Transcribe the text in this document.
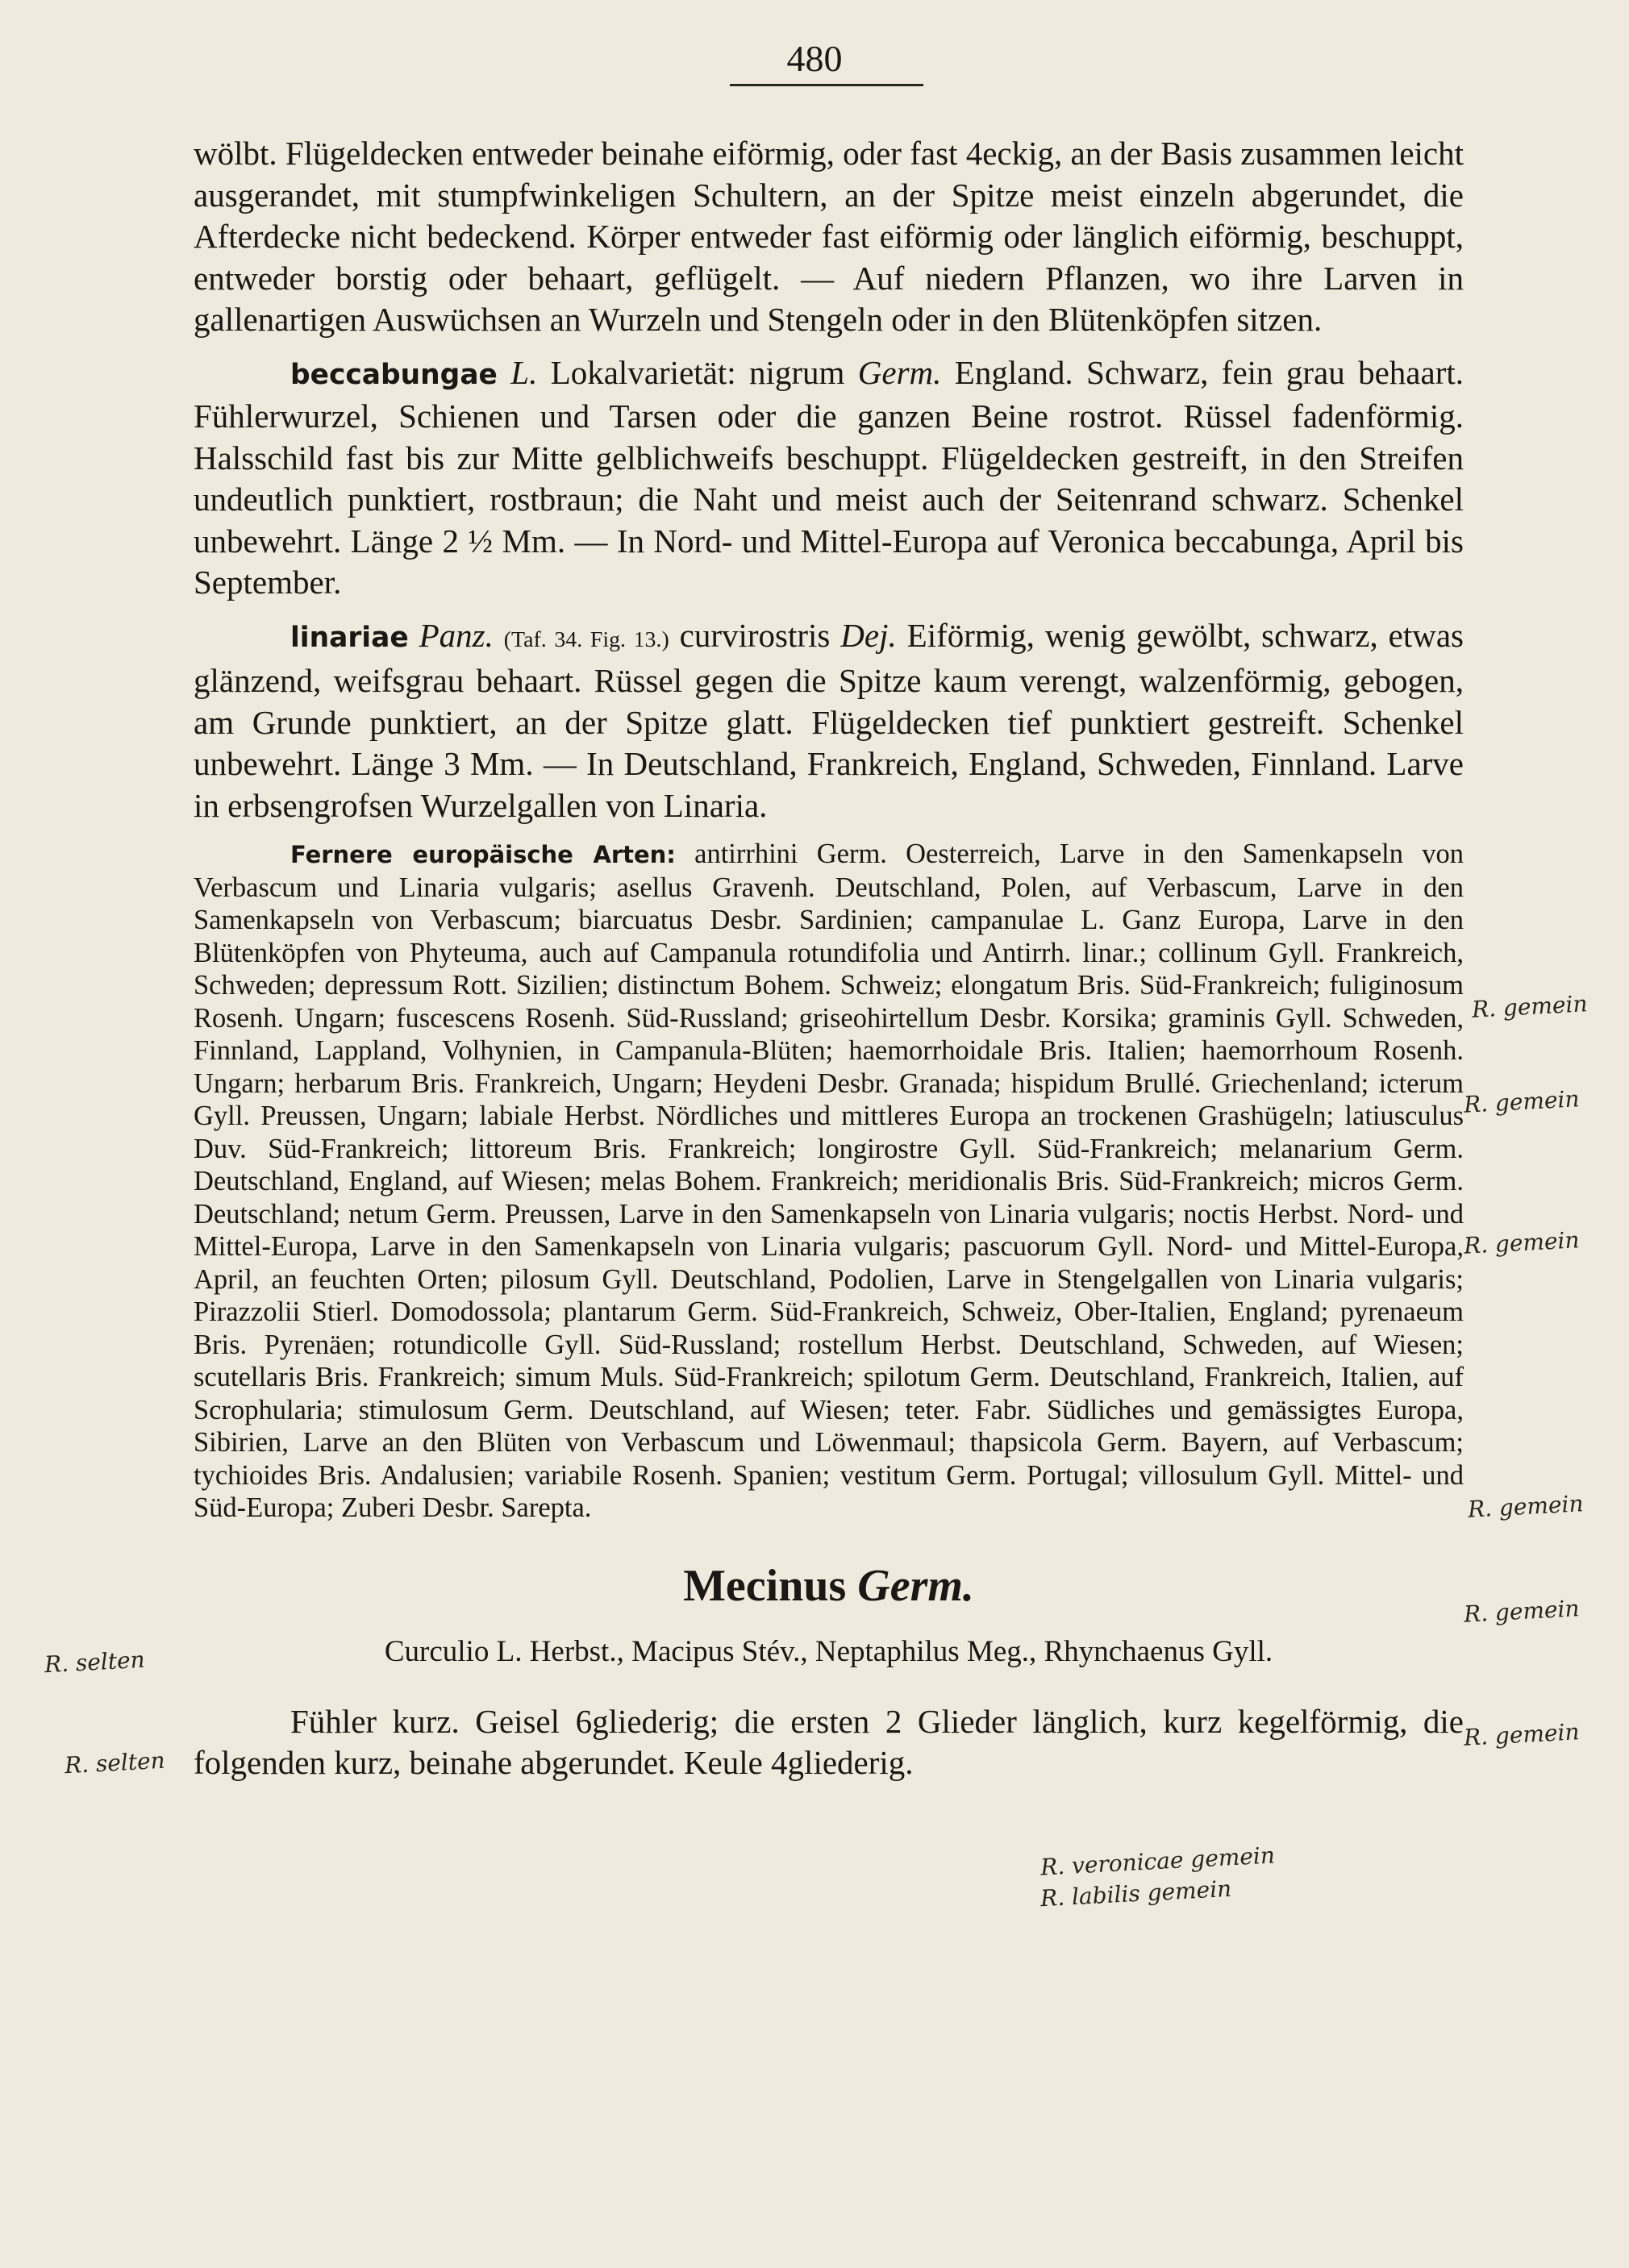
480

wölbt. Flügeldecken entweder beinahe eiförmig, oder fast 4eckig, an der Basis zusammen leicht ausgerandet, mit stumpfwinkeligen Schultern, an der Spitze meist einzeln abgerundet, die Afterdecke nicht bedeckend. Körper entweder fast eiförmig oder länglich eiförmig, beschuppt, entweder borstig oder behaart, geflügelt. — Auf niedern Pflanzen, wo ihre Larven in gallenartigen Auswüchsen an Wurzeln und Stengeln oder in den Blütenköpfen sitzen.

beccabungae L. Lokalvarietät: nigrum Germ. England. Schwarz, fein grau behaart. Fühlerwurzel, Schienen und Tarsen oder die ganzen Beine rostrot. Rüssel fadenförmig. Halsschild fast bis zur Mitte gelblichweifs beschuppt. Flügeldecken gestreift, in den Streifen undeutlich punktiert, rostbraun; die Naht und meist auch der Seitenrand schwarz. Schenkel unbewehrt. Länge 2 ½ Mm. — In Nord- und Mittel-Europa auf Veronica beccabunga, April bis September.

linariae Panz. (Taf. 34. Fig. 13.) curvirostris Dej. Eiförmig, wenig gewölbt, schwarz, etwas glänzend, weifsgrau behaart. Rüssel gegen die Spitze kaum verengt, walzenförmig, gebogen, am Grunde punktiert, an der Spitze glatt. Flügeldecken tief punktiert gestreift. Schenkel unbewehrt. Länge 3 Mm. — In Deutschland, Frankreich, England, Schweden, Finnland. Larve in erbsengrofsen Wurzelgallen von Linaria.

Fernere europäische Arten: antirrhini Germ. Oesterreich, Larve in den Samenkapseln von Verbascum und Linaria vulgaris; asellus Gravenh. Deutschland, Polen, auf Verbascum, Larve in den Samenkapseln von Verbascum; biarcuatus Desbr. Sardinien; campanulae L. Ganz Europa, Larve in den Blütenköpfen von Phyteuma, auch auf Campanula rotundifolia und Antirrh. linar.; collinum Gyll. Frankreich, Schweden; depressum Rott. Sizilien; distinctum Bohem. Schweiz; elongatum Bris. Süd-Frankreich; fuliginosum Rosenh. Ungarn; fuscescens Rosenh. Süd-Russland; griseohirtellum Desbr. Korsika; graminis Gyll. Schweden, Finnland, Lappland, Volhynien, in Campanula-Blüten; haemorrhoidale Bris. Italien; haemorrhoum Rosenh. Ungarn; herbarum Bris. Frankreich, Ungarn; Heydeni Desbr. Granada; hispidum Brullé. Griechenland; icterum Gyll. Preussen, Ungarn; labiale Herbst. Nördliches und mittleres Europa an trockenen Grashügeln; latiusculus Duv. Süd-Frankreich; littoreum Bris. Frankreich; longirostre Gyll. Süd-Frankreich; melanarium Germ. Deutschland, England, auf Wiesen; melas Bohem. Frankreich; meridionalis Bris. Süd-Frankreich; micros Germ. Deutschland; netum Germ. Preussen, Larve in den Samenkapseln von Linaria vulgaris; noctis Herbst. Nord- und Mittel-Europa, Larve in den Samenkapseln von Linaria vulgaris; pascuorum Gyll. Nord- und Mittel-Europa, April, an feuchten Orten; pilosum Gyll. Deutschland, Podolien, Larve in Stengelgallen von Linaria vulgaris; Pirazzolii Stierl. Domodossola; plantarum Germ. Süd-Frankreich, Schweiz, Ober-Italien, England; pyrenaeum Bris. Pyrenäen; rotundicolle Gyll. Süd-Russland; rostellum Herbst. Deutschland, Schweden, auf Wiesen; scutellaris Bris. Frankreich; simum Muls. Süd-Frankreich; spilotum Germ. Deutschland, Frankreich, Italien, auf Scrophularia; stimulosum Germ. Deutschland, auf Wiesen; teter. Fabr. Südliches und gemässigtes Europa, Sibirien, Larve an den Blüten von Verbascum und Löwenmaul; thapsicola Germ. Bayern, auf Verbascum; tychioides Bris. Andalusien; variabile Rosenh. Spanien; vestitum Germ. Portugal; villosulum Gyll. Mittel- und Süd-Europa; Zuberi Desbr. Sarepta.

Mecinus Germ.

Curculio L. Herbst., Macipus Stév., Neptaphilus Meg., Rhynchaenus Gyll.

Fühler kurz. Geisel 6gliederig; die ersten 2 Glieder länglich, kurz kegelförmig, die folgenden kurz, beinahe abgerundet. Keule 4gliederig.

R. gemein
R. gemein
R. gemein
R. gemein
R. gemein
R. gemein
R. selten
R. selten
R. veronicae gemein
R. labilis gemein
